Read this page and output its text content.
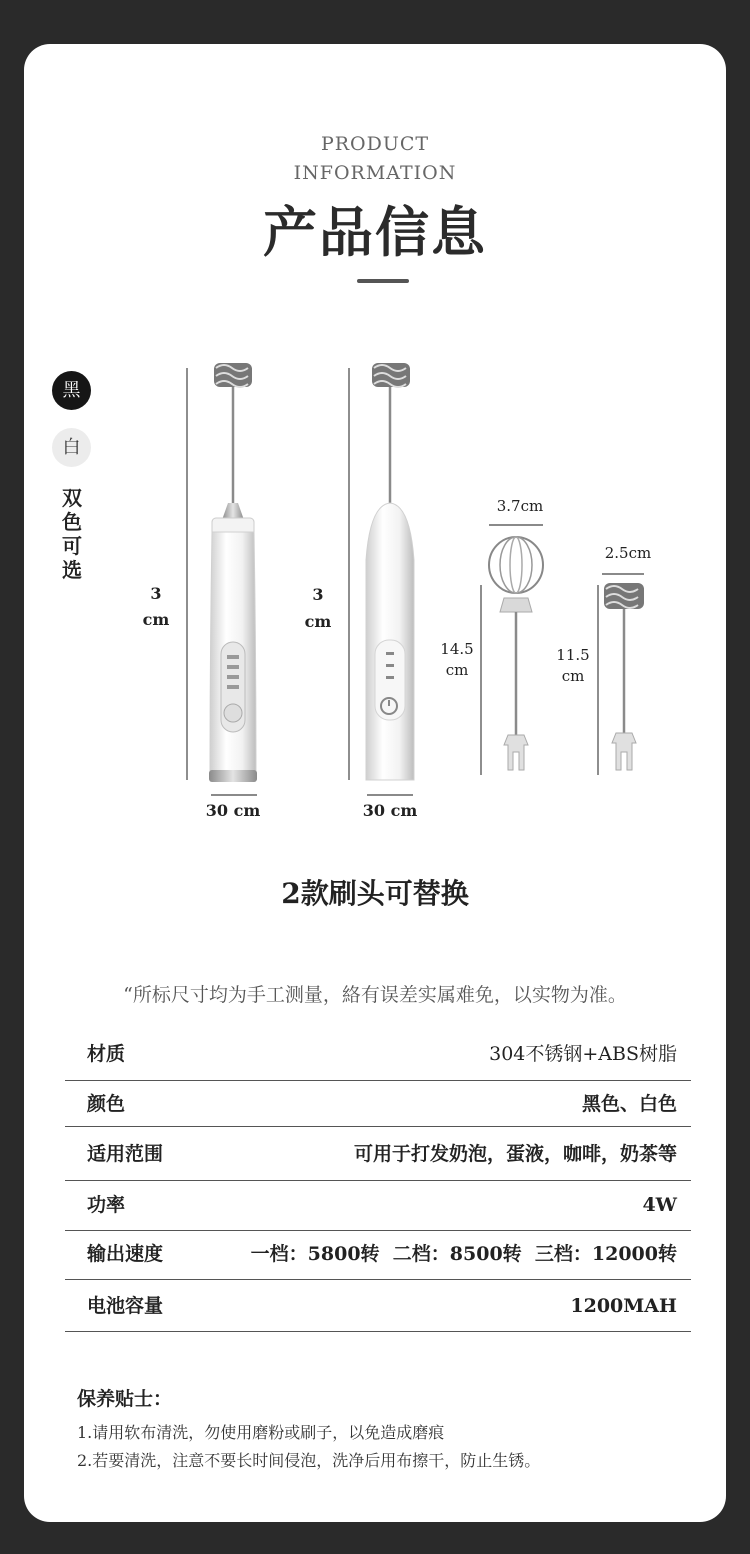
PRODUCT
INFORMATION
产品信息
黑
白
双色可选
3
cm
30 cm
3
cm
30 cm
3.7cm
14.5
cm
2.5cm
11.5
cm
2款刷头可替换
“所标尺寸均为手工测量，絡有误差实属难免，以实物为准。
材质	304不锈钢+ABS树脂
颜色	黑色、白色
适用范围	可用于打发奶泡，蛋液，咖啡，奶茶等
功率	4W
输出速度	一档：5800转  二档：8500转  三档：12000转
电池容量	1200MAH
保养贴士：
1.请用软布清洗，勿使用磨粉或刷子，以免造成磨痕
2.若要清洗，注意不要长时间侵泡，洗净后用布擦干，防止生锈。
